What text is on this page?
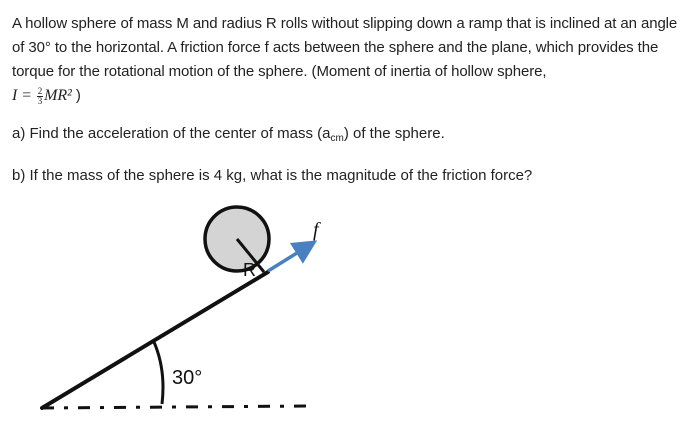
A hollow sphere of mass M and radius R rolls without slipping down a ramp that is inclined at an angle of 30° to the horizontal. A friction force f acts between the sphere and the plane, which provides the torque for the rotational motion of the sphere. (Moment of inertia of hollow sphere,
$I = \frac{2}{3} MR^2$ )

a) Find the acceleration of the center of mass $(a_{cm})$ of the sphere.

b) If the mass of the sphere is 4 kg, what is the magnitude of the friction force?

R
f
30°
